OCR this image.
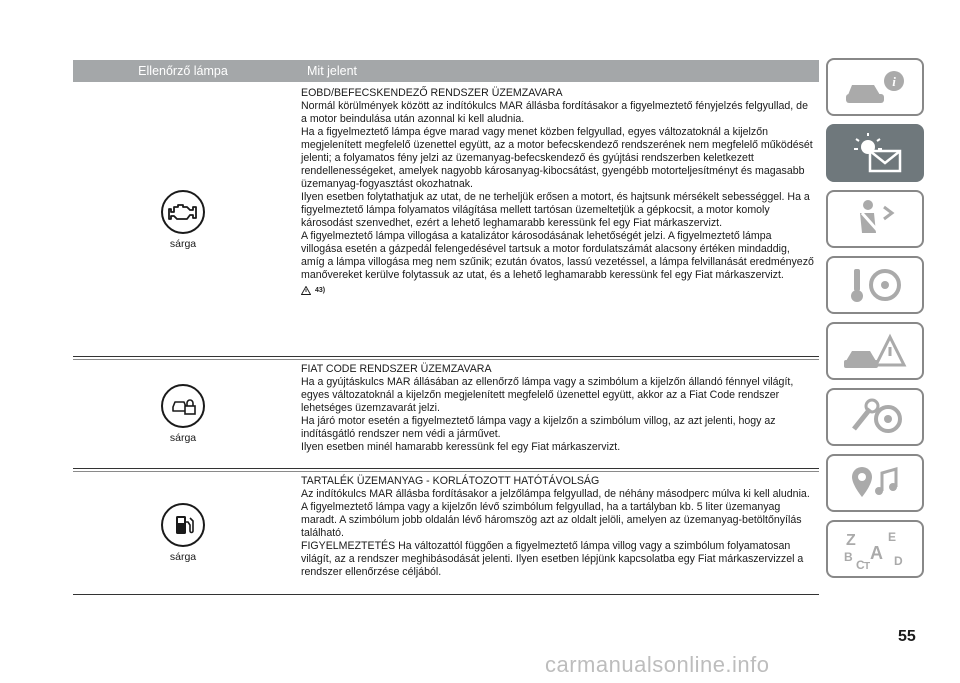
Ellenőrző lámpa	Mit jelent
sárga

EOBD/BEFECSKENDEZŐ RENDSZER ÜZEMZAVARA

Normál körülmények között az indítókulcs MAR állásba fordításakor a figyelmeztető fényjelzés felgyullad, de a motor beindulása után azonnal ki kell aludnia.

Ha a figyelmeztető lámpa égve marad vagy menet közben felgyullad, egyes változatoknál a kijelzőn megjelenített megfelelő üzenettel együtt, az a motor befecskendező rendszerének nem megfelelő működését jelenti; a folyamatos fény jelzi az üzemanyag-befecskendező és gyújtási rendszerben keletkezett rendellenességeket, amelyek nagyobb károsanyag-kibocsátást, gyengébb motorteljesítményt és magasabb üzemanyag-fogyasztást okozhatnak.

Ilyen esetben folytathatjuk az utat, de ne terheljük erősen a motort, és hajtsunk mérsékelt sebességgel. Ha a figyelmeztető lámpa folyamatos világítása mellett tartósan üzemeltetjük a gépkocsit, a motor komoly károsodást szenvedhet, ezért a lehető leghamarabb keressünk fel egy Fiat márkaszervizt.

A figyelmeztető lámpa villogása a katalizátor károsodásának lehetőségét jelzi. A figyelmeztető lámpa villogása esetén a gázpedál felengedésével tartsuk a motor fordulatszámát alacsony értéken mindaddig, amíg a lámpa villogása meg nem szűnik; ezután óvatos, lassú vezetéssel, a lámpa felvillanását eredményező manővereket kerülve folytassuk az utat, és a lehető leghamarabb keressünk fel egy Fiat márkaszervizt.

43)
sárga

FIAT CODE RENDSZER ÜZEMZAVARA

Ha a gyújtáskulcs MAR állásában az ellenőrző lámpa vagy a szimbólum a kijelzőn állandó fénnyel világít, egyes változatoknál a kijelzőn megjelenített megfelelő üzenettel együtt, akkor az a Fiat Code rendszer lehetséges üzemzavarát jelzi.

Ha járó motor esetén a figyelmeztető lámpa vagy a kijelzőn a szimbólum villog, az azt jelenti, hogy az indításgátló rendszer nem védi a járművet.

Ilyen esetben minél hamarabb keressünk fel egy Fiat márkaszervizt.

sárga

TARTALÉK ÜZEMANYAG - KORLÁTOZOTT HATÓTÁVOLSÁG

Az indítókulcs MAR állásba fordításakor a jelzőlámpa felgyullad, de néhány másodperc múlva ki kell aludnia. A figyelmeztető lámpa vagy a kijelzőn lévő szimbólum felgyullad, ha a tartályban kb. 5 liter üzemanyag maradt. A szimbólum jobb oldalán lévő háromszög azt az oldalt jelöli, amelyen az üzemanyag-betöltőnyílás található.

FIGYELMEZTETÉS Ha változattól függően a figyelmeztető lámpa villog vagy a szimbólum folyamatosan világít, az a rendszer meghibásodását jelenti. Ilyen esetben lépjünk kapcsolatba egy Fiat márkaszervizzel a rendszer ellenőrzése céljából.

i
Z	E
B A
C T D
55
carmanualsonline.info
